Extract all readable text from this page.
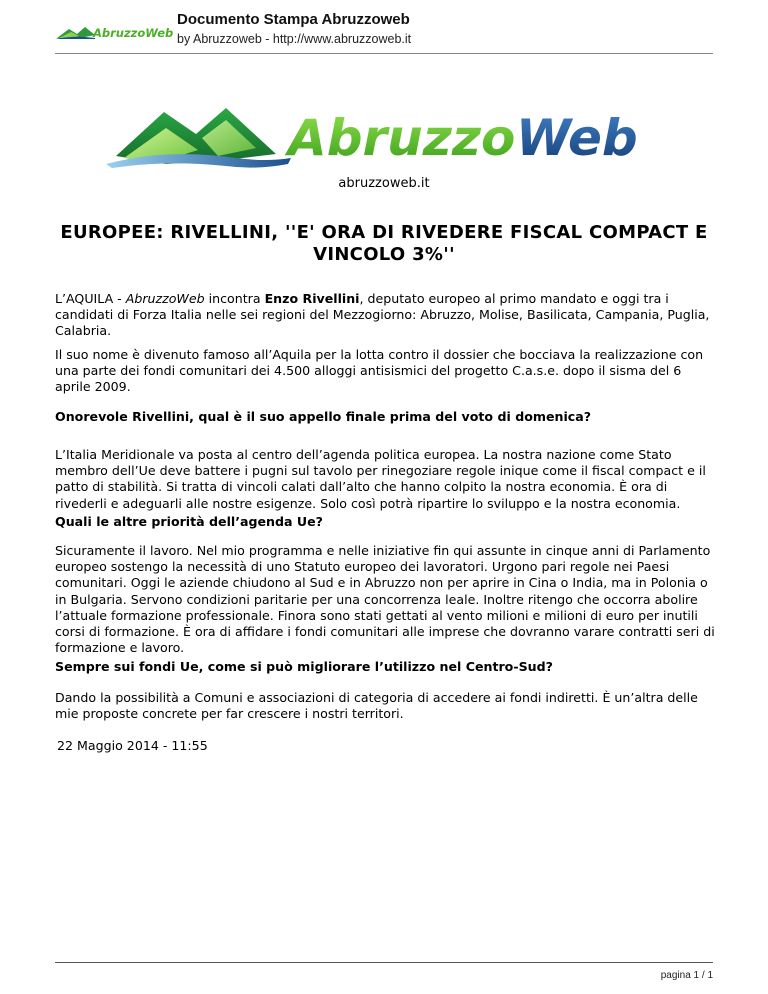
AbruzzoWeb
Documento Stampa Abruzzoweb
by Abruzzoweb - http://www.abruzzoweb.it
Abruzzo Web
abruzzoweb.it
EUROPEE: RIVELLINI, ''E' ORA DI RIVEDERE FISCAL COMPACT E VINCOLO 3%''

L’AQUILA - AbruzzoWeb incontra Enzo Rivellini, deputato europeo al primo mandato e oggi tra i candidati di Forza Italia nelle sei regioni del Mezzogiorno: Abruzzo, Molise, Basilicata, Campania, Puglia, Calabria.

Il suo nome è divenuto famoso all’Aquila per la lotta contro il dossier che bocciava la realizzazione con una parte dei fondi comunitari dei 4.500 alloggi antisismici del progetto C.a.s.e. dopo il sisma del 6 aprile 2009.

Onorevole Rivellini, qual è il suo appello finale prima del voto di domenica?

L’Italia Meridionale va posta al centro dell’agenda politica europea. La nostra nazione come Stato membro dell’Ue deve battere i pugni sul tavolo per rinegoziare regole inique come il fiscal compact e il patto di stabilità. Si tratta di vincoli calati dall’alto che hanno colpito la nostra economia. È ora di rivederli e adeguarli alle nostre esigenze. Solo così potrà ripartire lo sviluppo e la nostra economia.

Quali le altre priorità dell’agenda Ue?

Sicuramente il lavoro. Nel mio programma e nelle iniziative fin qui assunte in cinque anni di Parlamento europeo sostengo la necessità di uno Statuto europeo dei lavoratori. Urgono pari regole nei Paesi comunitari. Oggi le aziende chiudono al Sud e in Abruzzo non per aprire in Cina o India, ma in Polonia o in Bulgaria. Servono condizioni paritarie per una concorrenza leale. Inoltre ritengo che occorra abolire l’attuale formazione professionale. Finora sono stati gettati al vento milioni e milioni di euro per inutili corsi di formazione. È ora di affidare i fondi comunitari alle imprese che dovranno varare contratti seri di formazione e lavoro.

Sempre sui fondi Ue, come si può migliorare l’utilizzo nel Centro-Sud?

Dando la possibilità a Comuni e associazioni di categoria di accedere ai fondi indiretti. È un’altra delle mie proposte concrete per far crescere i nostri territori.

22 Maggio 2014 - 11:55

pagina 1 / 1
